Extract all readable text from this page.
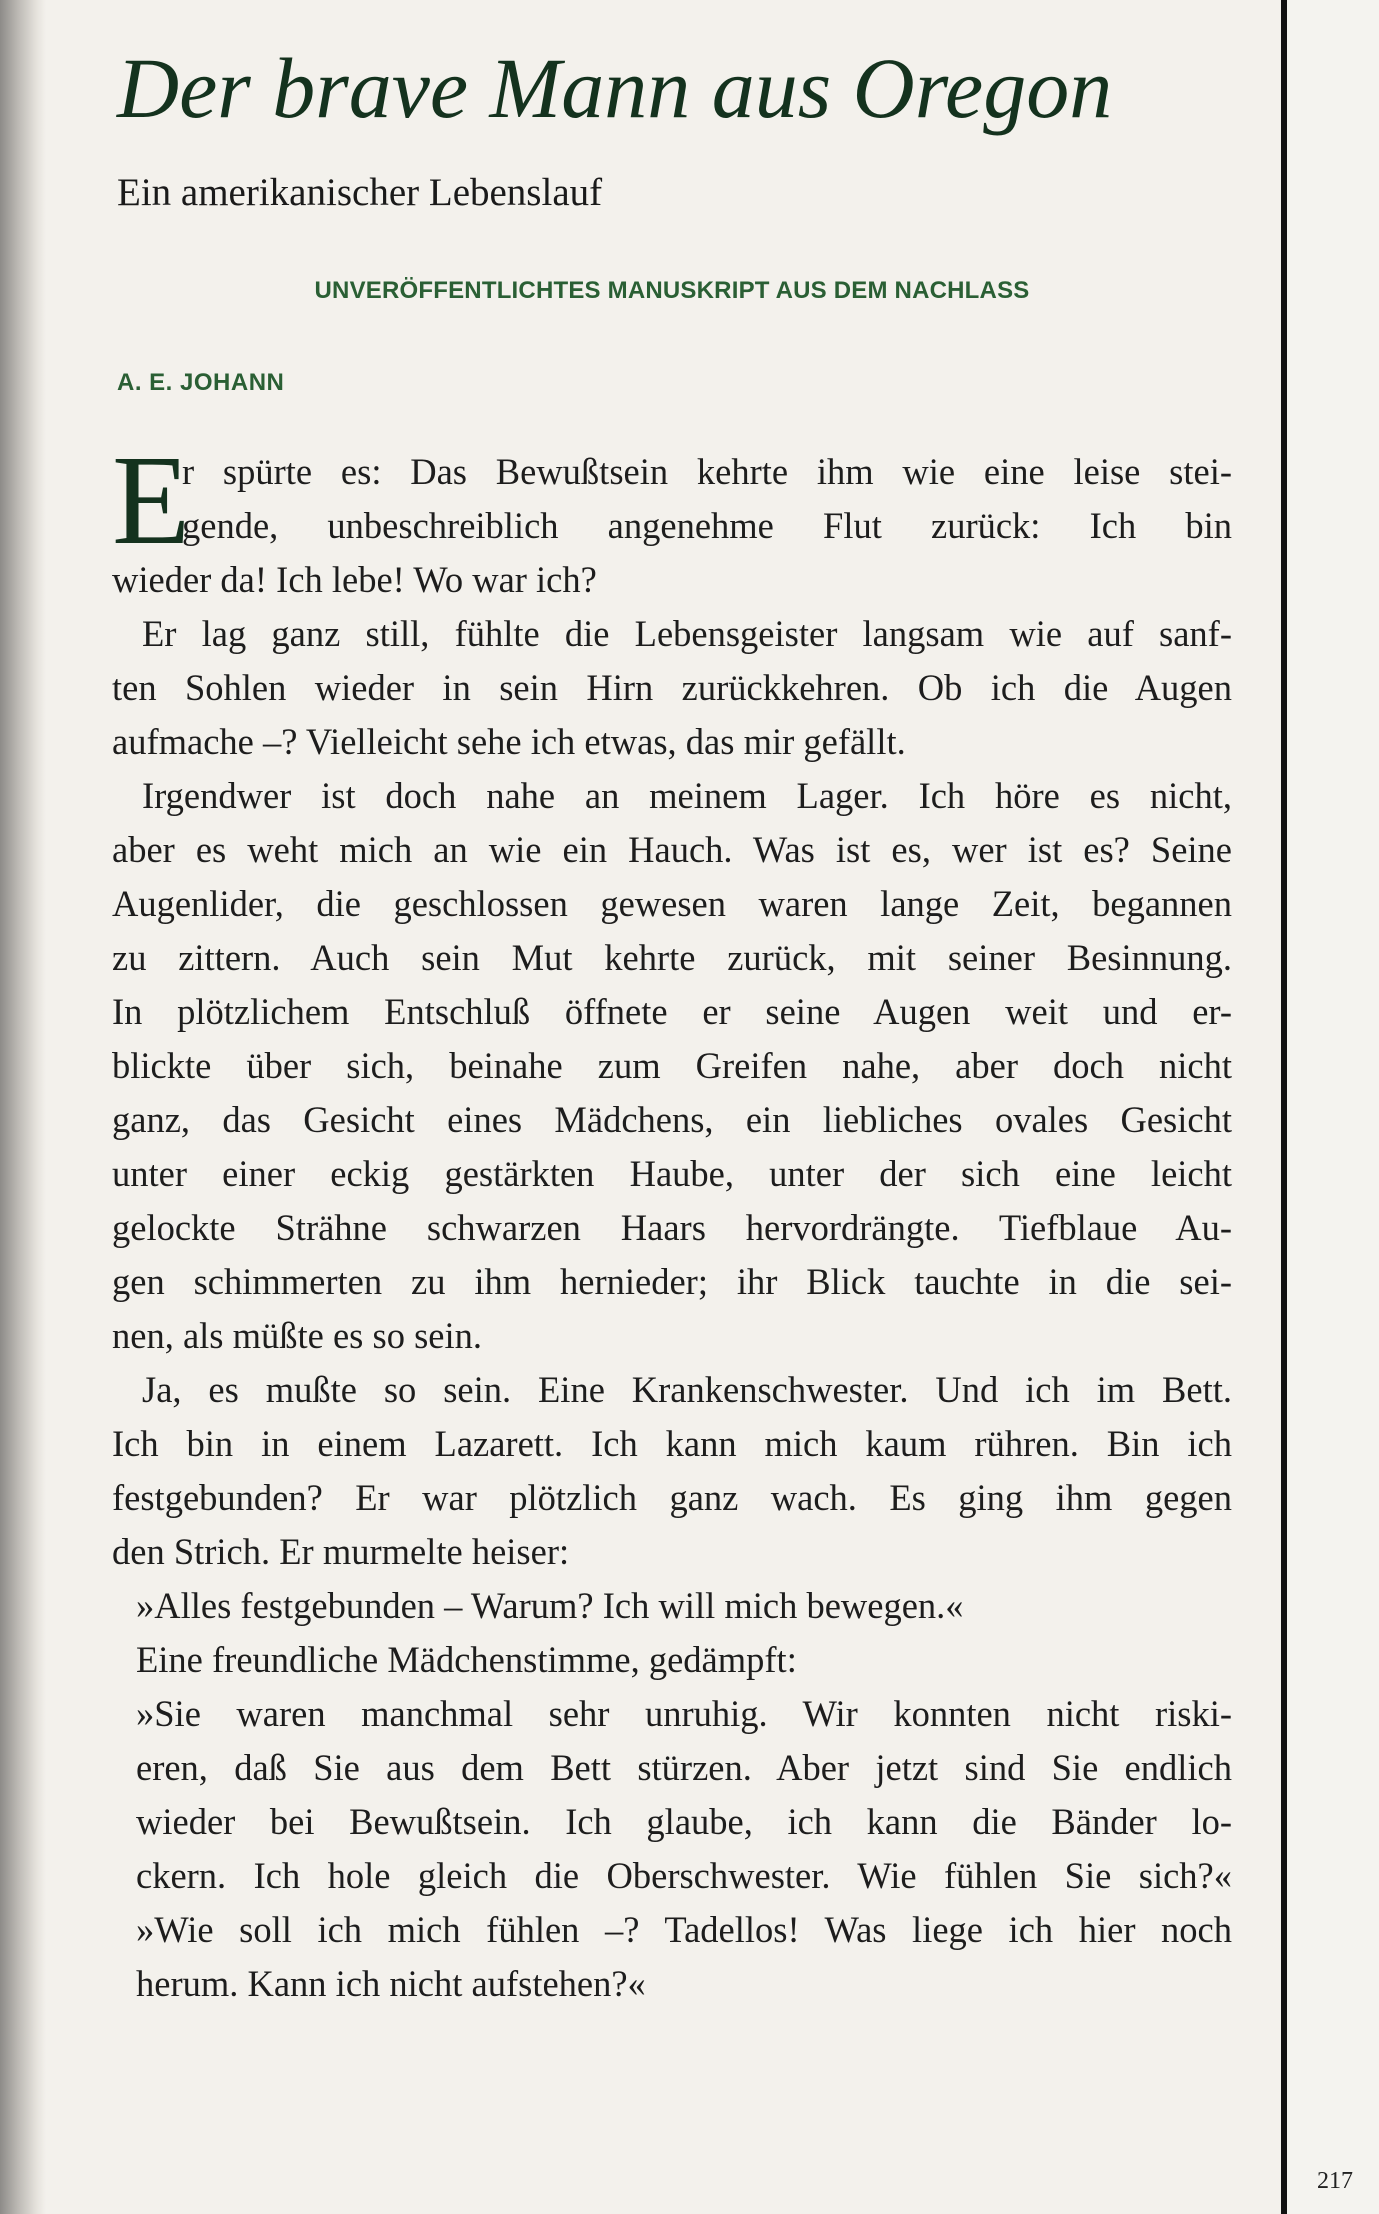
Der brave Mann aus Oregon
Ein amerikanischer Lebenslauf
UNVERÖFFENTLICHTES MANUSKRIPT AUS DEM NACHLASS
A. E. JOHANN
E
r spürte es: Das Bewußtsein kehrte ihm wie eine leise stei-
gende, unbeschreiblich angenehme Flut zurück: Ich bin
wieder da! Ich lebe! Wo war ich?
Er lag ganz still, fühlte die Lebensgeister langsam wie auf sanf-
ten Sohlen wieder in sein Hirn zurückkehren. Ob ich die Augen
aufmache –? Vielleicht sehe ich etwas, das mir gefällt.
Irgendwer ist doch nahe an meinem Lager. Ich höre es nicht,
aber es weht mich an wie ein Hauch. Was ist es, wer ist es? Seine
Augenlider, die geschlossen gewesen waren lange Zeit, begannen
zu zittern. Auch sein Mut kehrte zurück, mit seiner Besinnung.
In plötzlichem Entschluß öffnete er seine Augen weit und er-
blickte über sich, beinahe zum Greifen nahe, aber doch nicht
ganz, das Gesicht eines Mädchens, ein liebliches ovales Gesicht
unter einer eckig gestärkten Haube, unter der sich eine leicht
gelockte Strähne schwarzen Haars hervordrängte. Tiefblaue Au-
gen schimmerten zu ihm hernieder; ihr Blick tauchte in die sei-
nen, als müßte es so sein.
Ja, es mußte so sein. Eine Krankenschwester. Und ich im Bett.
Ich bin in einem Lazarett. Ich kann mich kaum rühren. Bin ich
festgebunden? Er war plötzlich ganz wach. Es ging ihm gegen
den Strich. Er murmelte heiser:
»Alles festgebunden – Warum? Ich will mich bewegen.«
Eine freundliche Mädchenstimme, gedämpft:
»Sie waren manchmal sehr unruhig. Wir konnten nicht riski-
eren, daß Sie aus dem Bett stürzen. Aber jetzt sind Sie endlich
wieder bei Bewußtsein. Ich glaube, ich kann die Bänder lo-
ckern. Ich hole gleich die Oberschwester. Wie fühlen Sie sich?«
»Wie soll ich mich fühlen –? Tadellos! Was liege ich hier noch
herum. Kann ich nicht aufstehen?«
217
